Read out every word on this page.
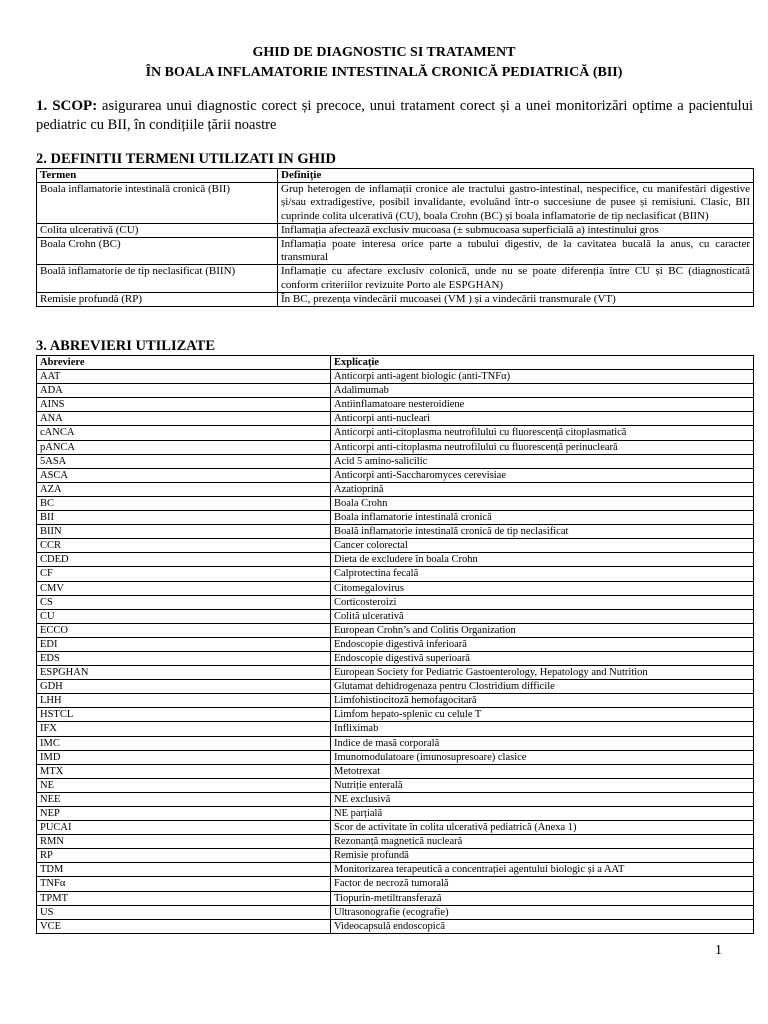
GHID DE DIAGNOSTIC SI TRATAMENT
ÎN BOALA INFLAMATORIE INTESTINALĂ CRONICĂ PEDIATRICĂ (BII)
1. SCOP: asigurarea unui diagnostic corect și precoce, unui tratament corect și a unei monitorizări optime a pacientului pediatric cu BII, în condițiile țării noastre
2. DEFINITII TERMENI UTILIZATI IN GHID
Termen	Definiție
Boala inflamatorie intestinală cronică (BII)	Grup heterogen de inflamații cronice ale tractului gastro-intestinal, nespecifice, cu manifestări digestive și/sau extradigestive, posibil invalidante, evoluând într-o succesiune de pusee și remisiuni. Clasic, BII cuprinde colita ulcerativă (CU), boala Crohn (BC) și boala inflamatorie de tip neclasificat (BIIN)
Colita ulcerativă (CU)	Inflamația afectează exclusiv mucoasa (± submucoasa superficială a) intestinului gros
Boala Crohn (BC)	Inflamația poate interesa orice parte a tubului digestiv, de la cavitatea bucală la anus, cu caracter transmural
Boală inflamatorie de tip neclasificat (BIIN)	Inflamație cu afectare exclusiv colonică, unde nu se poate diferenția între CU și BC (diagnosticată conform criteriilor revizuite Porto ale ESPGHAN)
Remisie profundă (RP)	În BC, prezența vindecării mucoasei (VM ) și a vindecării transmurale (VT)
3. ABREVIERI UTILIZATE
Abreviere	Explicație
AAT	Anticorpi anti-agent biologic (anti-TNFα)
ADA	Adalimumab
AINS	Antiinflamatoare nesteroidiene
ANA	Anticorpi anti-nucleari
cANCA	Anticorpi anti-citoplasma neutrofilului cu fluorescență citoplasmatică
pANCA	Anticorpi anti-citoplasma neutrofilului cu fluorescență perinucleară
5ASA	Acid 5 amino-salicilic
ASCA	Anticorpi anti-Saccharomyces cerevisiae
AZA	Azatioprină
BC	Boala Crohn
BII	Boala inflamatorie intestinală cronică
BIIN	Boală inflamatorie intestinală cronică de tip neclasificat
CCR	Cancer colorectal
CDED	Dieta de excludere în boala Crohn
CF	Calprotectina fecală
CMV	Citomegalovirus
CS	Corticosteroizi
CU	Colită ulcerativă
ECCO	European Crohn’s and Colitis Organization
EDI	Endoscopie digestivă inferioară
EDS	Endoscopie digestivă superioară
ESPGHAN	European Society for Pediatric Gastoenterology, Hepatology and Nutrition
GDH	Glutamat dehidrogenaza pentru Clostridium difficile
LHH	Limfohistiocitoză hemofagocitară
HSTCL	Limfom hepato-splenic cu celule T
IFX	Infliximab
IMC	Indice de masă corporală
IMD	Imunomodulatoare (imunosupresoare) clasice
MTX	Metotrexat
NE	Nutriție enterală
NEE	NE exclusivă
NEP	NE parțială
PUCAI	Scor de activitate în colita ulcerativă pediatrică (Anexa 1)
RMN	Rezonanță magnetică nucleară
RP	Remisie profundă
TDM	Monitorizarea terapeutică a concentrației agentului biologic și a AAT
TNFα	Factor de necroză tumorală
TPMT	Tiopurin-metiltransferază
US	Ultrasonografie (ecografie)
VCE	Videocapsulă endoscopică
1
